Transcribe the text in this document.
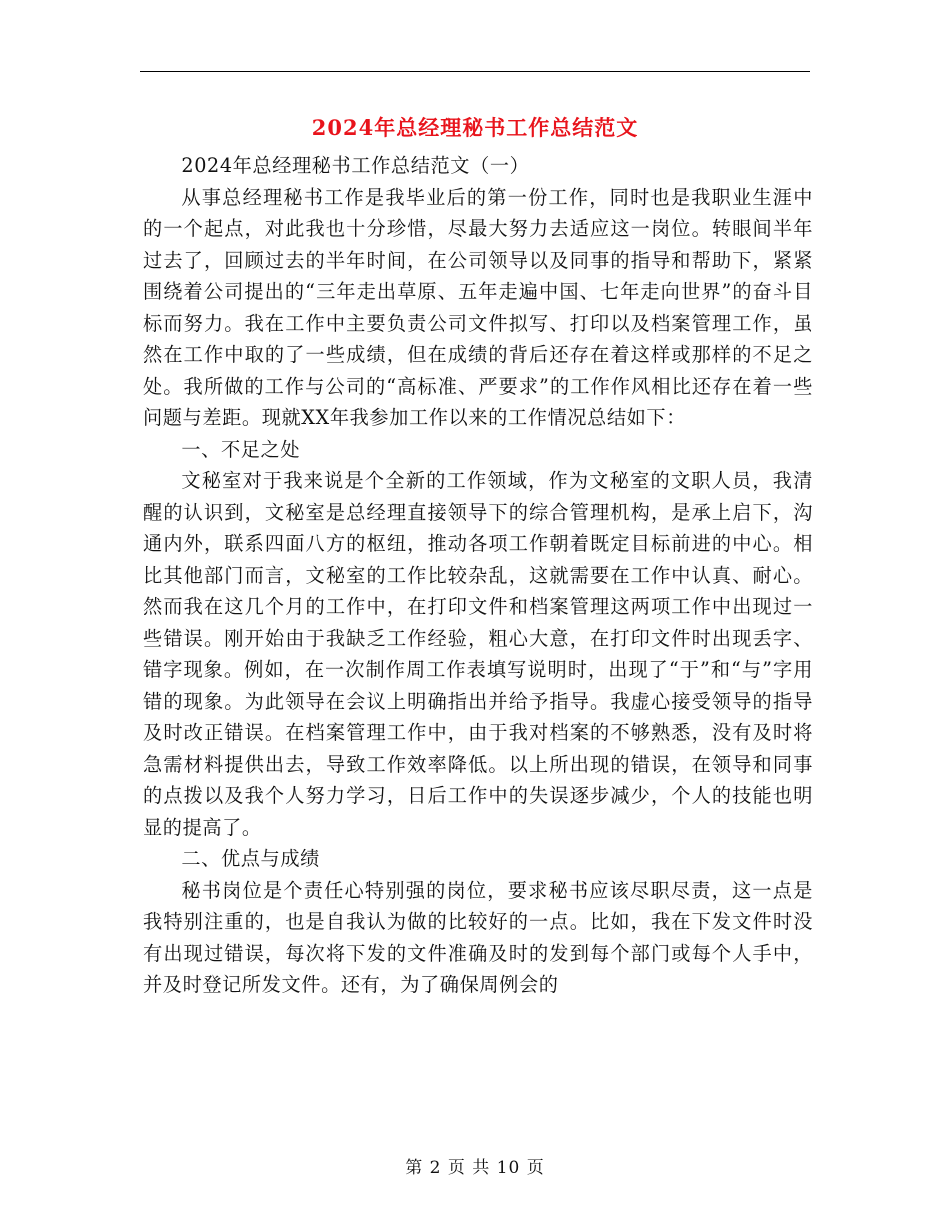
2024年总经理秘书工作总结范文

2024年总经理秘书工作总结范文（一）

从事总经理秘书工作是我毕业后的第一份工作，同时也是我职业生涯中的一个起点，对此我也十分珍惜，尽最大努力去适应这一岗位。转眼间半年过去了，回顾过去的半年时间，在公司领导以及同事的指导和帮助下，紧紧围绕着公司提出的“三年走出草原、五年走遍中国、七年走向世界”的奋斗目标而努力。我在工作中主要负责公司文件拟写、打印以及档案管理工作，虽然在工作中取的了一些成绩，但在成绩的背后还存在着这样或那样的不足之处。我所做的工作与公司的“高标准、严要求”的工作作风相比还存在着一些问题与差距。现就XX年我参加工作以来的工作情况总结如下：

一、不足之处

文秘室对于我来说是个全新的工作领域，作为文秘室的文职人员，我清醒的认识到，文秘室是总经理直接领导下的综合管理机构，是承上启下，沟通内外，联系四面八方的枢纽，推动各项工作朝着既定目标前进的中心。相比其他部门而言，文秘室的工作比较杂乱，这就需要在工作中认真、耐心。然而我在这几个月的工作中，在打印文件和档案管理这两项工作中出现过一些错误。刚开始由于我缺乏工作经验，粗心大意，在打印文件时出现丢字、错字现象。例如，在一次制作周工作表填写说明时，出现了“于”和“与”字用错的现象。为此领导在会议上明确指出并给予指导。我虚心接受领导的指导及时改正错误。在档案管理工作中，由于我对档案的不够熟悉，没有及时将急需材料提供出去，导致工作效率降低。以上所出现的错误，在领导和同事的点拨以及我个人努力学习，日后工作中的失误逐步减少，个人的技能也明显的提高了。

二、优点与成绩

秘书岗位是个责任心特别强的岗位，要求秘书应该尽职尽责，这一点是我特别注重的，也是自我认为做的比较好的一点。比如，我在下发文件时没有出现过错误，每次将下发的文件准确及时的发到每个部门或每个人手中，并及时登记所发文件。还有，为了确保周例会的

第 2 页 共 10 页
